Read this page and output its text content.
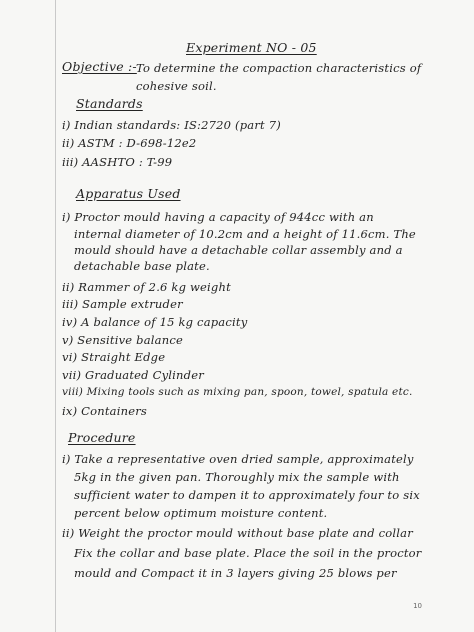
Experiment NO - 05
Objective :- To determine the compaction characteristics of
cohesive soil.
Standards
i) Indian standards: IS:2720 (part 7)
ii) ASTM : D-698-12e2
iii) AASHTO : T-99
Apparatus Used
i) Proctor mould having a capacity of 944cc with an
internal diameter of 10.2cm and a height of 11.6cm. The
mould should have a detachable collar assembly and a
detachable base plate.
ii) Rammer of 2.6 kg weight
iii) Sample extruder
iv) A balance of 15 kg capacity
v) Sensitive balance
vi) Straight Edge
vii) Graduated Cylinder
viii) Mixing tools such as mixing pan, spoon, towel, spatula etc.
ix) Containers
Procedure
i) Take a representative oven dried sample, approximately
5kg in the given pan. Thoroughly mix the sample with
sufficient water to dampen it to approximately four to six
percent below optimum moisture content.
ii) Weight the proctor mould without base plate and collar
Fix the collar and base plate. Place the soil in the proctor
mould and Compact it in 3 layers giving 25 blows per
10
